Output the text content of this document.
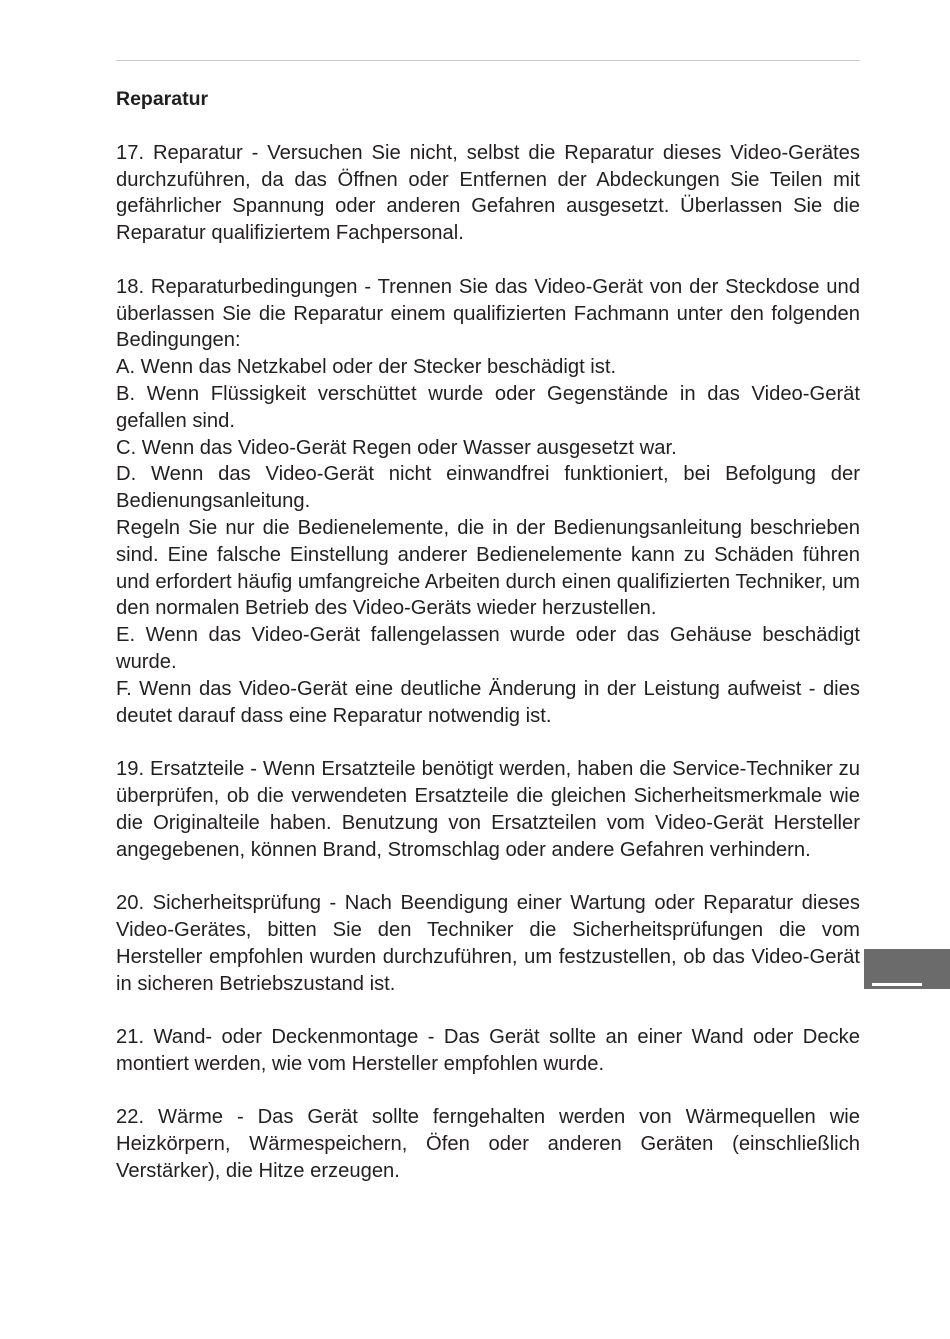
Reparatur

17. Reparatur - Versuchen Sie nicht, selbst die Reparatur dieses Video-Gerätes durchzuführen, da das Öffnen oder Entfernen der Abdeckungen Sie Teilen mit gefährlicher Spannung oder anderen Gefahren ausgesetzt. Überlassen Sie die Reparatur qualifiziertem Fachpersonal.

18. Reparaturbedingungen - Trennen Sie das Video-Gerät von der Steckdose und überlassen Sie die Reparatur einem qualifizierten Fachmann unter den folgenden Bedingungen:

A. Wenn das Netzkabel oder der Stecker beschädigt ist.

B. Wenn Flüssigkeit verschüttet wurde oder Gegenstände in das Video-Gerät gefallen sind.

C. Wenn das Video-Gerät Regen oder Wasser ausgesetzt war.

D. Wenn das Video-Gerät nicht einwandfrei funktioniert, bei Befolgung der Bedienungsanleitung.

Regeln Sie nur die Bedienelemente, die in der Bedienungsanleitung beschrieben sind. Eine falsche Einstellung anderer Bedienelemente kann zu Schäden führen und erfordert häufig umfangreiche Arbeiten durch einen qualifizierten Techniker, um den normalen Betrieb des Video-Geräts wieder herzustellen.

E. Wenn das Video-Gerät fallengelassen wurde oder das Gehäuse beschädigt wurde.

F. Wenn das Video-Gerät eine deutliche Änderung in der Leistung aufweist - dies deutet darauf dass eine Reparatur notwendig ist.

19. Ersatzteile - Wenn Ersatzteile benötigt werden, haben die Service-Techniker zu überprüfen, ob die verwendeten Ersatzteile die gleichen Sicherheitsmerkmale wie die Originalteile haben. Benutzung von Ersatzteilen vom Video-Gerät Hersteller angegebenen, können Brand, Stromschlag oder andere Gefahren verhindern.

20. Sicherheitsprüfung - Nach Beendigung einer Wartung oder Reparatur dieses Video-Gerätes, bitten Sie den Techniker die Sicherheitsprüfungen die vom Hersteller empfohlen wurden durchzuführen, um festzustellen, ob das Video-Gerät in sicheren Betriebszustand ist.

21. Wand- oder Deckenmontage - Das Gerät sollte an einer Wand oder Decke montiert werden, wie vom Hersteller empfohlen wurde.

22. Wärme - Das Gerät sollte ferngehalten werden von Wärmequellen wie Heizkörpern, Wärmespeichern, Öfen oder anderen Geräten (einschließlich Verstärker), die Hitze erzeugen.
